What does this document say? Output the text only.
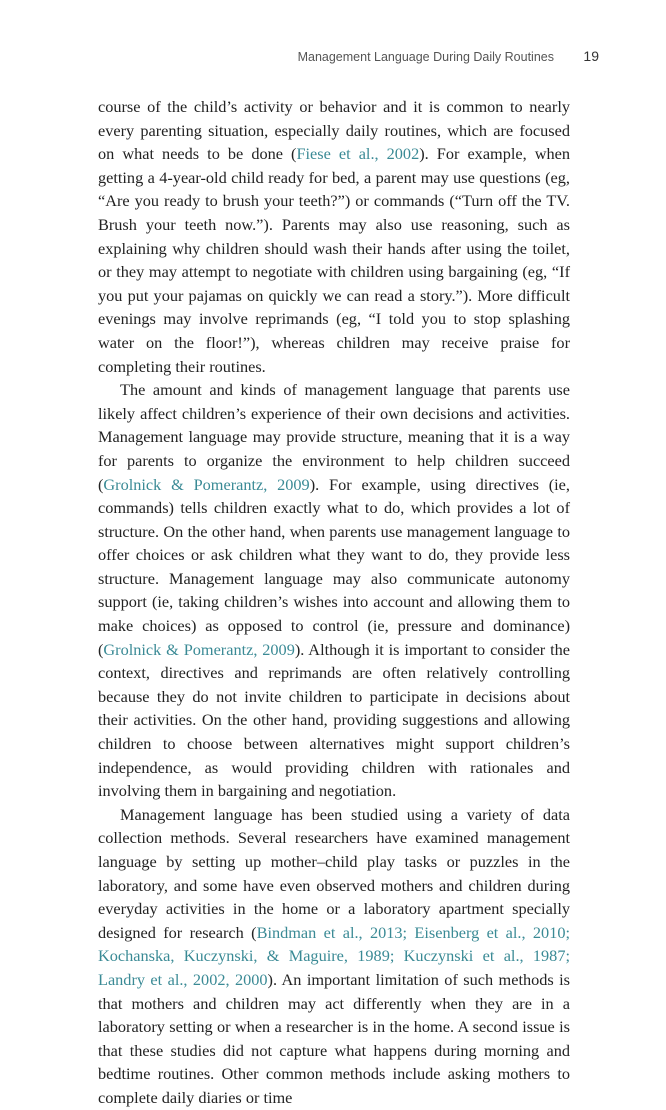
Management Language During Daily Routines 19

course of the child’s activity or behavior and it is common to nearly every parenting situation, especially daily routines, which are focused on what needs to be done (Fiese et al., 2002). For example, when getting a 4-year-old child ready for bed, a parent may use questions (eg, “Are you ready to brush your teeth?”) or commands (“Turn off the TV. Brush your teeth now.”). Parents may also use reasoning, such as explaining why children should wash their hands after using the toilet, or they may attempt to negotiate with children using bargaining (eg, “If you put your pajamas on quickly we can read a story.”). More difficult evenings may involve reprimands (eg, “I told you to stop splashing water on the floor!”), whereas children may receive praise for completing their routines.

The amount and kinds of management language that parents use likely affect children’s experience of their own decisions and activities. Management language may provide structure, meaning that it is a way for parents to organize the environment to help children succeed (Grolnick & Pomerantz, 2009). For example, using directives (ie, commands) tells children exactly what to do, which provides a lot of structure. On the other hand, when parents use management language to offer choices or ask children what they want to do, they provide less structure. Management language may also communicate autonomy support (ie, taking children’s wishes into account and allowing them to make choices) as opposed to control (ie, pressure and dominance) (Grolnick & Pomerantz, 2009). Although it is important to consider the context, directives and reprimands are often relatively controlling because they do not invite children to participate in decisions about their activities. On the other hand, providing suggestions and allowing children to choose between alternatives might support children’s independence, as would providing children with rationales and involving them in bargaining and negotiation.

Management language has been studied using a variety of data collection methods. Several researchers have examined management language by setting up mother–child play tasks or puzzles in the laboratory, and some have even observed mothers and children during everyday activities in the home or a laboratory apartment specially designed for research (Bindman et al., 2013; Eisenberg et al., 2010; Kochanska, Kuczynski, & Maguire, 1989; Kuczynski et al., 1987; Landry et al., 2002, 2000). An important limitation of such methods is that mothers and children may act differently when they are in a laboratory setting or when a researcher is in the home. A second issue is that these studies did not capture what happens during morning and bedtime routines. Other common methods include asking mothers to complete daily diaries or time
